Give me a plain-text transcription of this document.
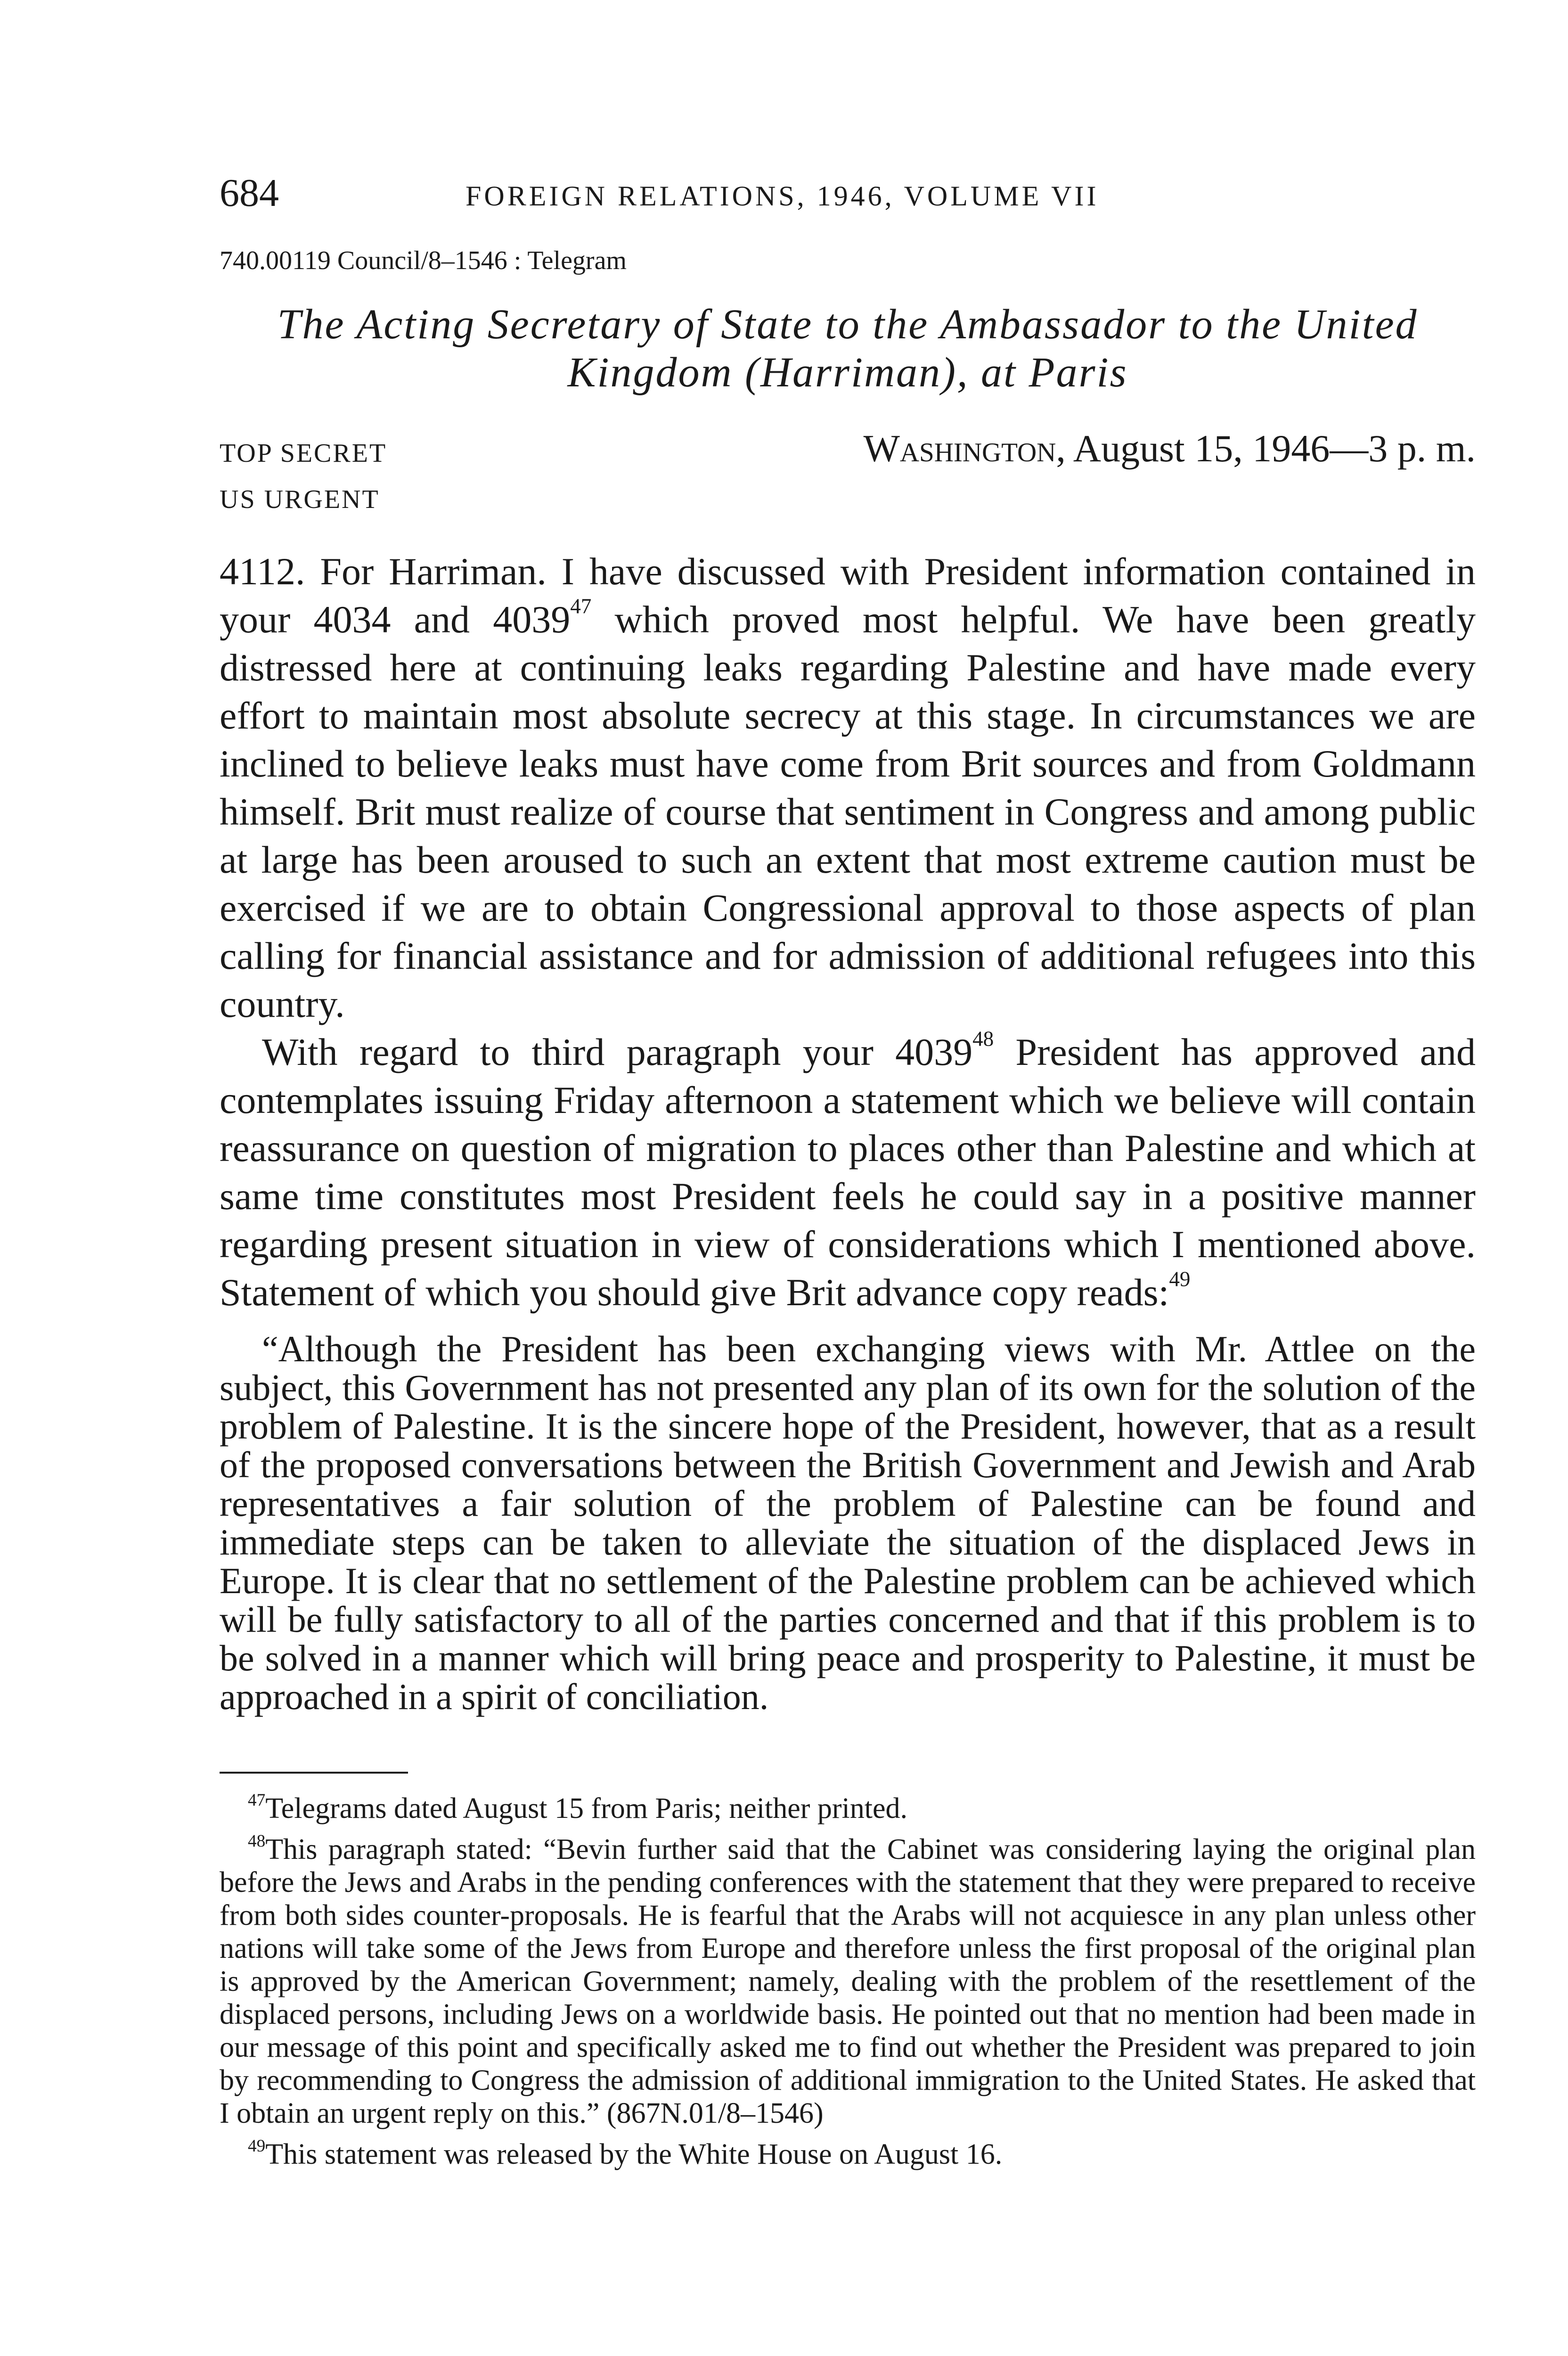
684	FOREIGN RELATIONS, 1946, VOLUME VII
740.00119 Council/8–1546 : Telegram
The Acting Secretary of State to the Ambassador to the United Kingdom (Harriman), at Paris
TOP SECRET
US URGENT
Washington, August 15, 1946—3 p. m.

4112. For Harriman. I have discussed with President information contained in your 4034 and 4039$^{47}$ which proved most helpful. We have been greatly distressed here at continuing leaks regarding Palestine and have made every effort to maintain most absolute secrecy at this stage. In circumstances we are inclined to believe leaks must have come from Brit sources and from Goldmann himself. Brit must realize of course that sentiment in Congress and among public at large has been aroused to such an extent that most extreme caution must be exercised if we are to obtain Congressional approval to those aspects of plan calling for financial assistance and for admission of additional refugees into this country.

With regard to third paragraph your 4039$^{48}$ President has approved and contemplates issuing Friday afternoon a statement which we believe will contain reassurance on question of migration to places other than Palestine and which at same time constitutes most President feels he could say in a positive manner regarding present situation in view of considerations which I mentioned above. Statement of which you should give Brit advance copy reads:$^{49}$

“Although the President has been exchanging views with Mr. Attlee on the subject, this Government has not presented any plan of its own for the solution of the problem of Palestine. It is the sincere hope of the President, however, that as a result of the proposed conversations between the British Government and Jewish and Arab representatives a fair solution of the problem of Palestine can be found and immediate steps can be taken to alleviate the situation of the displaced Jews in Europe. It is clear that no settlement of the Palestine problem can be achieved which will be fully satisfactory to all of the parties concerned and that if this problem is to be solved in a manner which will bring peace and prosperity to Palestine, it must be approached in a spirit of conciliation.

$^{47}$Telegrams dated August 15 from Paris; neither printed.

$^{48}$This paragraph stated: “Bevin further said that the Cabinet was considering laying the original plan before the Jews and Arabs in the pending conferences with the statement that they were prepared to receive from both sides counter-proposals. He is fearful that the Arabs will not acquiesce in any plan unless other nations will take some of the Jews from Europe and therefore unless the first proposal of the original plan is approved by the American Government; namely, dealing with the problem of the resettlement of the displaced persons, including Jews on a worldwide basis. He pointed out that no mention had been made in our message of this point and specifically asked me to find out whether the President was prepared to join by recommending to Congress the admission of additional immigration to the United States. He asked that I obtain an urgent reply on this.” (867N.01/8–1546)

$^{49}$This statement was released by the White House on August 16.
